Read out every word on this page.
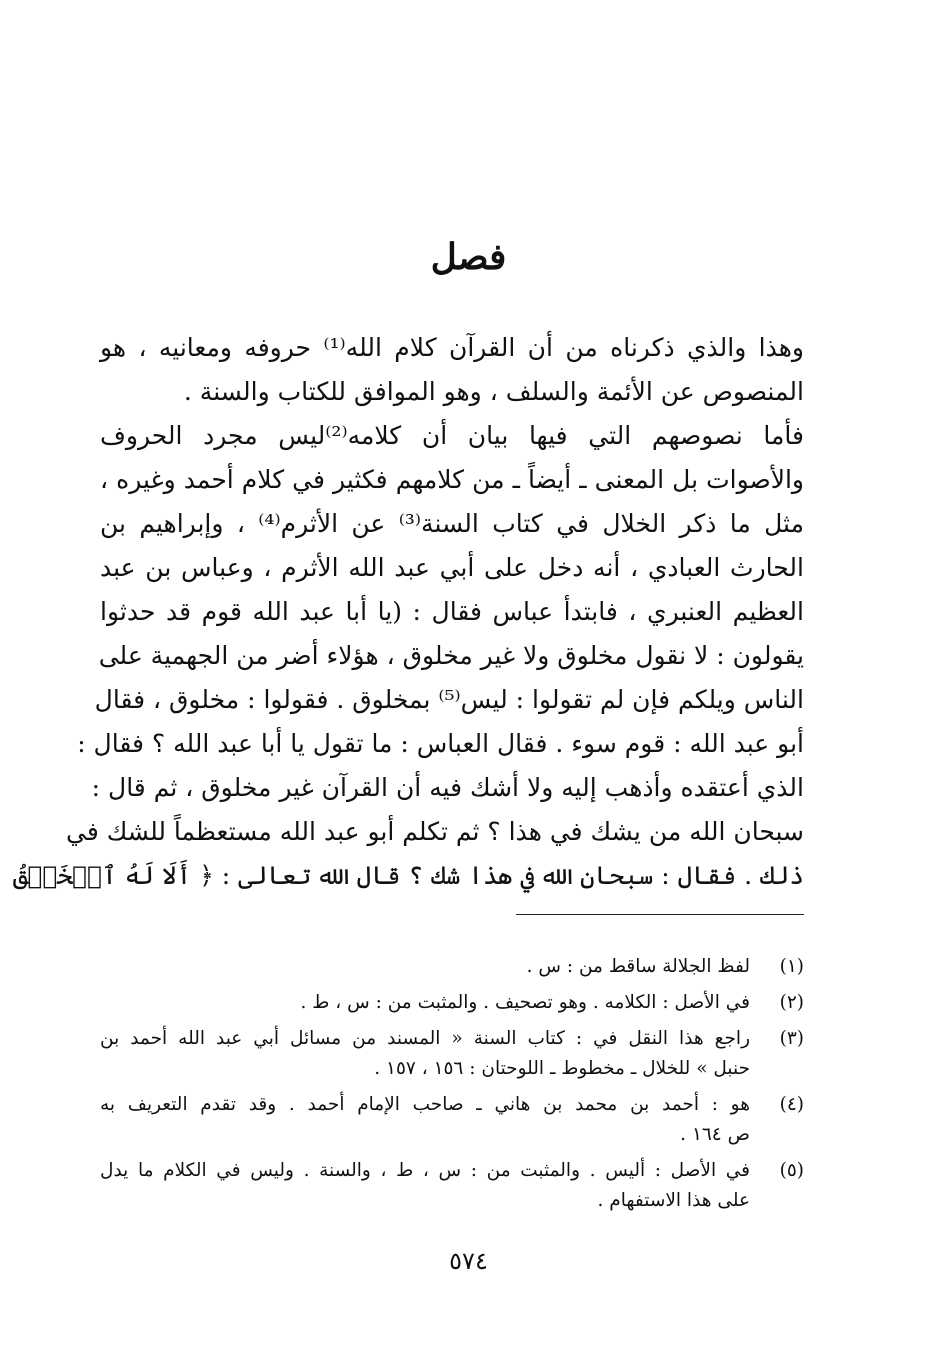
فصل
وهذا والذي ذكرناه من أن القرآن كلام الله⁽¹⁾ حروفه ومعانيه ، هو
المنصوص عن الأئمة والسلف ، وهو الموافق للكتاب والسنة .
فأما نصوصهم التي فيها بيان أن كلامه⁽²⁾ليس مجرد الحروف
والأصوات بل المعنى ـ أيضاً ـ من كلامهم فكثير في كلام أحمد وغيره ،
مثل ما ذكر الخلال في كتاب السنة⁽³⁾ عن الأثرم⁽⁴⁾ ، وإبراهيم بن
الحارث العبادي ، أنه دخل على أبي عبد الله الأثرم ، وعباس بن عبد
العظيم العنبري ، فابتدأ عباس فقال : (يا أبا عبد الله قوم قد حدثوا
يقولون : لا نقول مخلوق ولا غير مخلوق ، هؤلاء أضر من الجهمية على
الناس ويلكم فإن لم تقولوا : ليس⁽⁵⁾ بمخلوق . فقولوا : مخلوق ، فقال
أبو عبد الله : قوم سوء . فقال العباس : ما تقول يا أبا عبد الله ؟ فقال :
الذي أعتقده وأذهب إليه ولا أشك فيه أن القرآن غير مخلوق ، ثم قال :
سبحان الله من يشك في هذا ؟ ثم تكلم أبو عبد الله مستعظماً للشك في
ذلك . فقال : سبحان الله في هذا شك ؟ قال الله تعالى : ﴿ أَلَا لَهُ ٱلۡخَلۡقُ
(١)
لفظ الجلالة ساقط من : س .
(٢)
في الأصل : الكلامه . وهو تصحيف . والمثبت من : س ، ط .
(٣)
راجع هذا النقل في : كتاب السنة « المسند من مسائل أبي عبد الله أحمد بن
حنبل » للخلال ـ مخطوط ـ اللوحتان : ١٥٦ ، ١٥٧ .
(٤)
هو : أحمد بن محمد بن هاني ـ صاحب الإمام أحمد . وقد تقدم التعريف به
ص ١٦٤ .
(٥)
في الأصل : أليس . والمثبت من : س ، ط ، والسنة . وليس في الكلام ما يدل
على هذا الاستفهام .
٥٧٤
